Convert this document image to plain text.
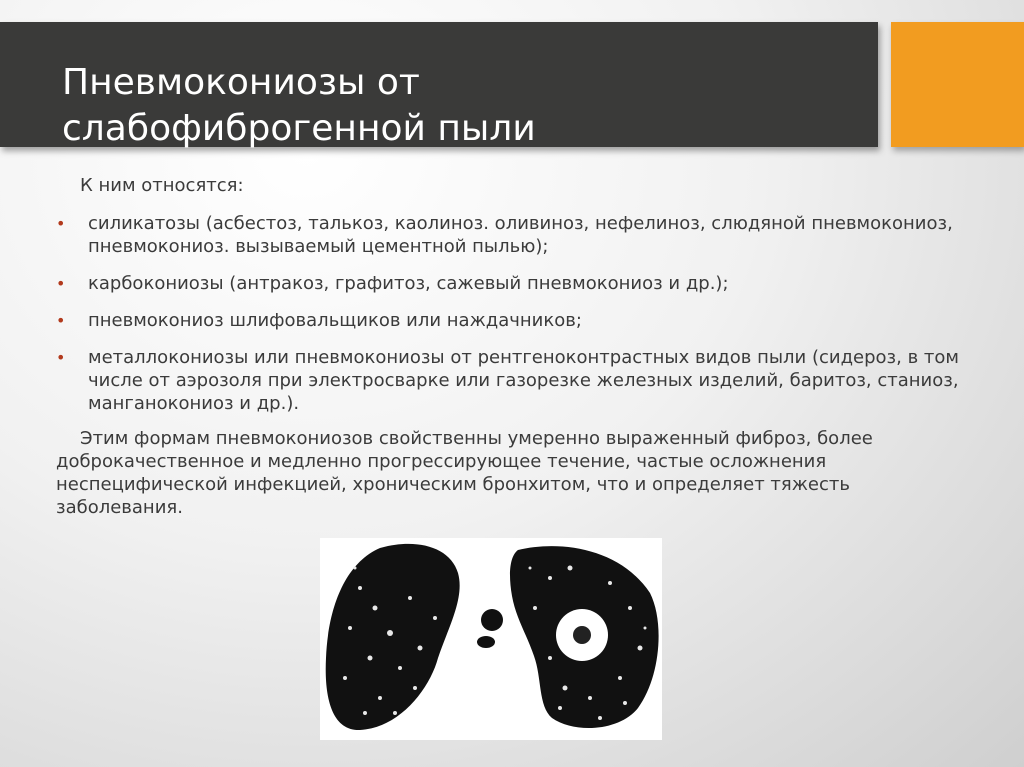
Пневмокониозы от
слабофиброгенной пыли

К ним относятся:

• силикатозы (асбестоз, талькоз, каолиноз. оливиноз, нефелиноз, слюдяной пневмокониоз, пневмокониоз. вызываемый цементной пылью);
• карбокониозы (антракоз, графитоз, сажевый пневмокониоз и др.);
• пневмокониоз шлифовальщиков или наждачников;
• металлокониозы или пневмокониозы от рентгеноконтрастных видов пыли (сидероз, в том числе от аэрозоля при электросварке или газорезке железных изделий, баритоз, станиоз, манганокониоз и др.).

Этим формам пневмокониозов свойственны умеренно выраженный фиброз, более доброкачественное и медленно прогрессирующее течение, частые осложнения неспецифической инфекцией, хроническим бронхитом, что и определяет тяжесть заболевания.
